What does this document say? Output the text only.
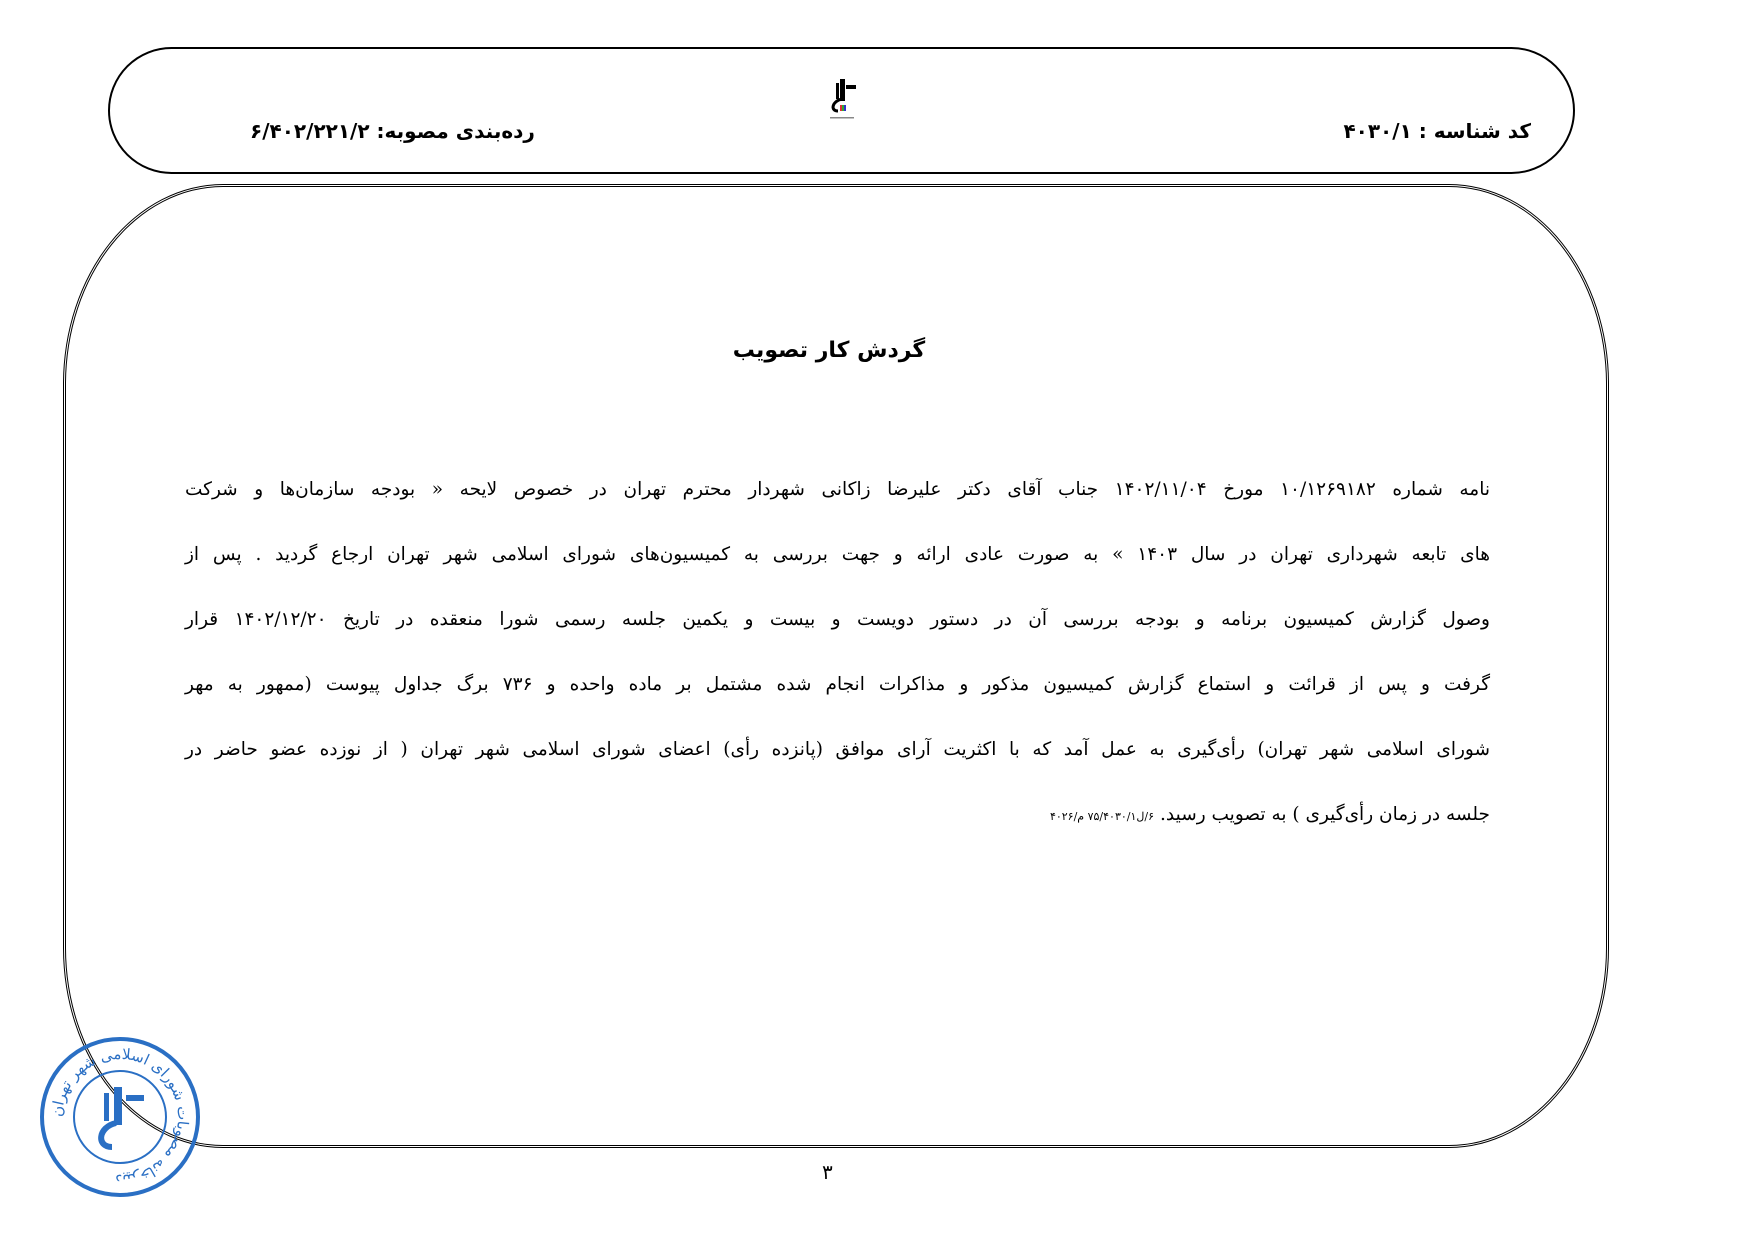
کد شناسه : ۴۰۳۰/۱
رده‌بندی مصوبه: ۶/۴۰۲/۲۲۱/۲
گردش کار تصویب
نامه شماره ۱۰/۱۲۶۹۱۸۲ مورخ ۱۴۰۲/۱۱/۰۴ جناب آقای دکتر علیرضا زاکانی شهردار محترم تهران در خصوص لایحه « بودجه سازمان‌ها و شرکت
های تابعه شهرداری تهران در سال ۱۴۰۳ » به صورت عادی ارائه و جهت بررسی به کمیسیون‌های شورای اسلامی شهر تهران ارجاع گردید . پس از
وصول گزارش کمیسیون برنامه و بودجه بررسی آن در دستور دویست و بیست و یکمین جلسه رسمی شورا منعقده در تاریخ ۱۴۰۲/۱۲/۲۰ قرار
گرفت و پس از قرائت و استماع گزارش کمیسیون مذکور و مذاکرات انجام شده مشتمل بر ماده واحده و ۷۳۶ برگ جداول پیوست (ممهور به مهر
شورای اسلامی شهر تهران) رأی‌گیری به عمل آمد که با اکثریت آرای موافق (پانزده رأی) اعضای شورای اسلامی شهر تهران ( از نوزده عضو حاضر در
جلسه در زمان رأی‌گیری ) به تصویب رسید.۶/ل۷۵/۴۰۳۰/۱ م/۴۰۲۶
دبیرخانه مصوبات شورای اسلامی شهر تهران	۳
